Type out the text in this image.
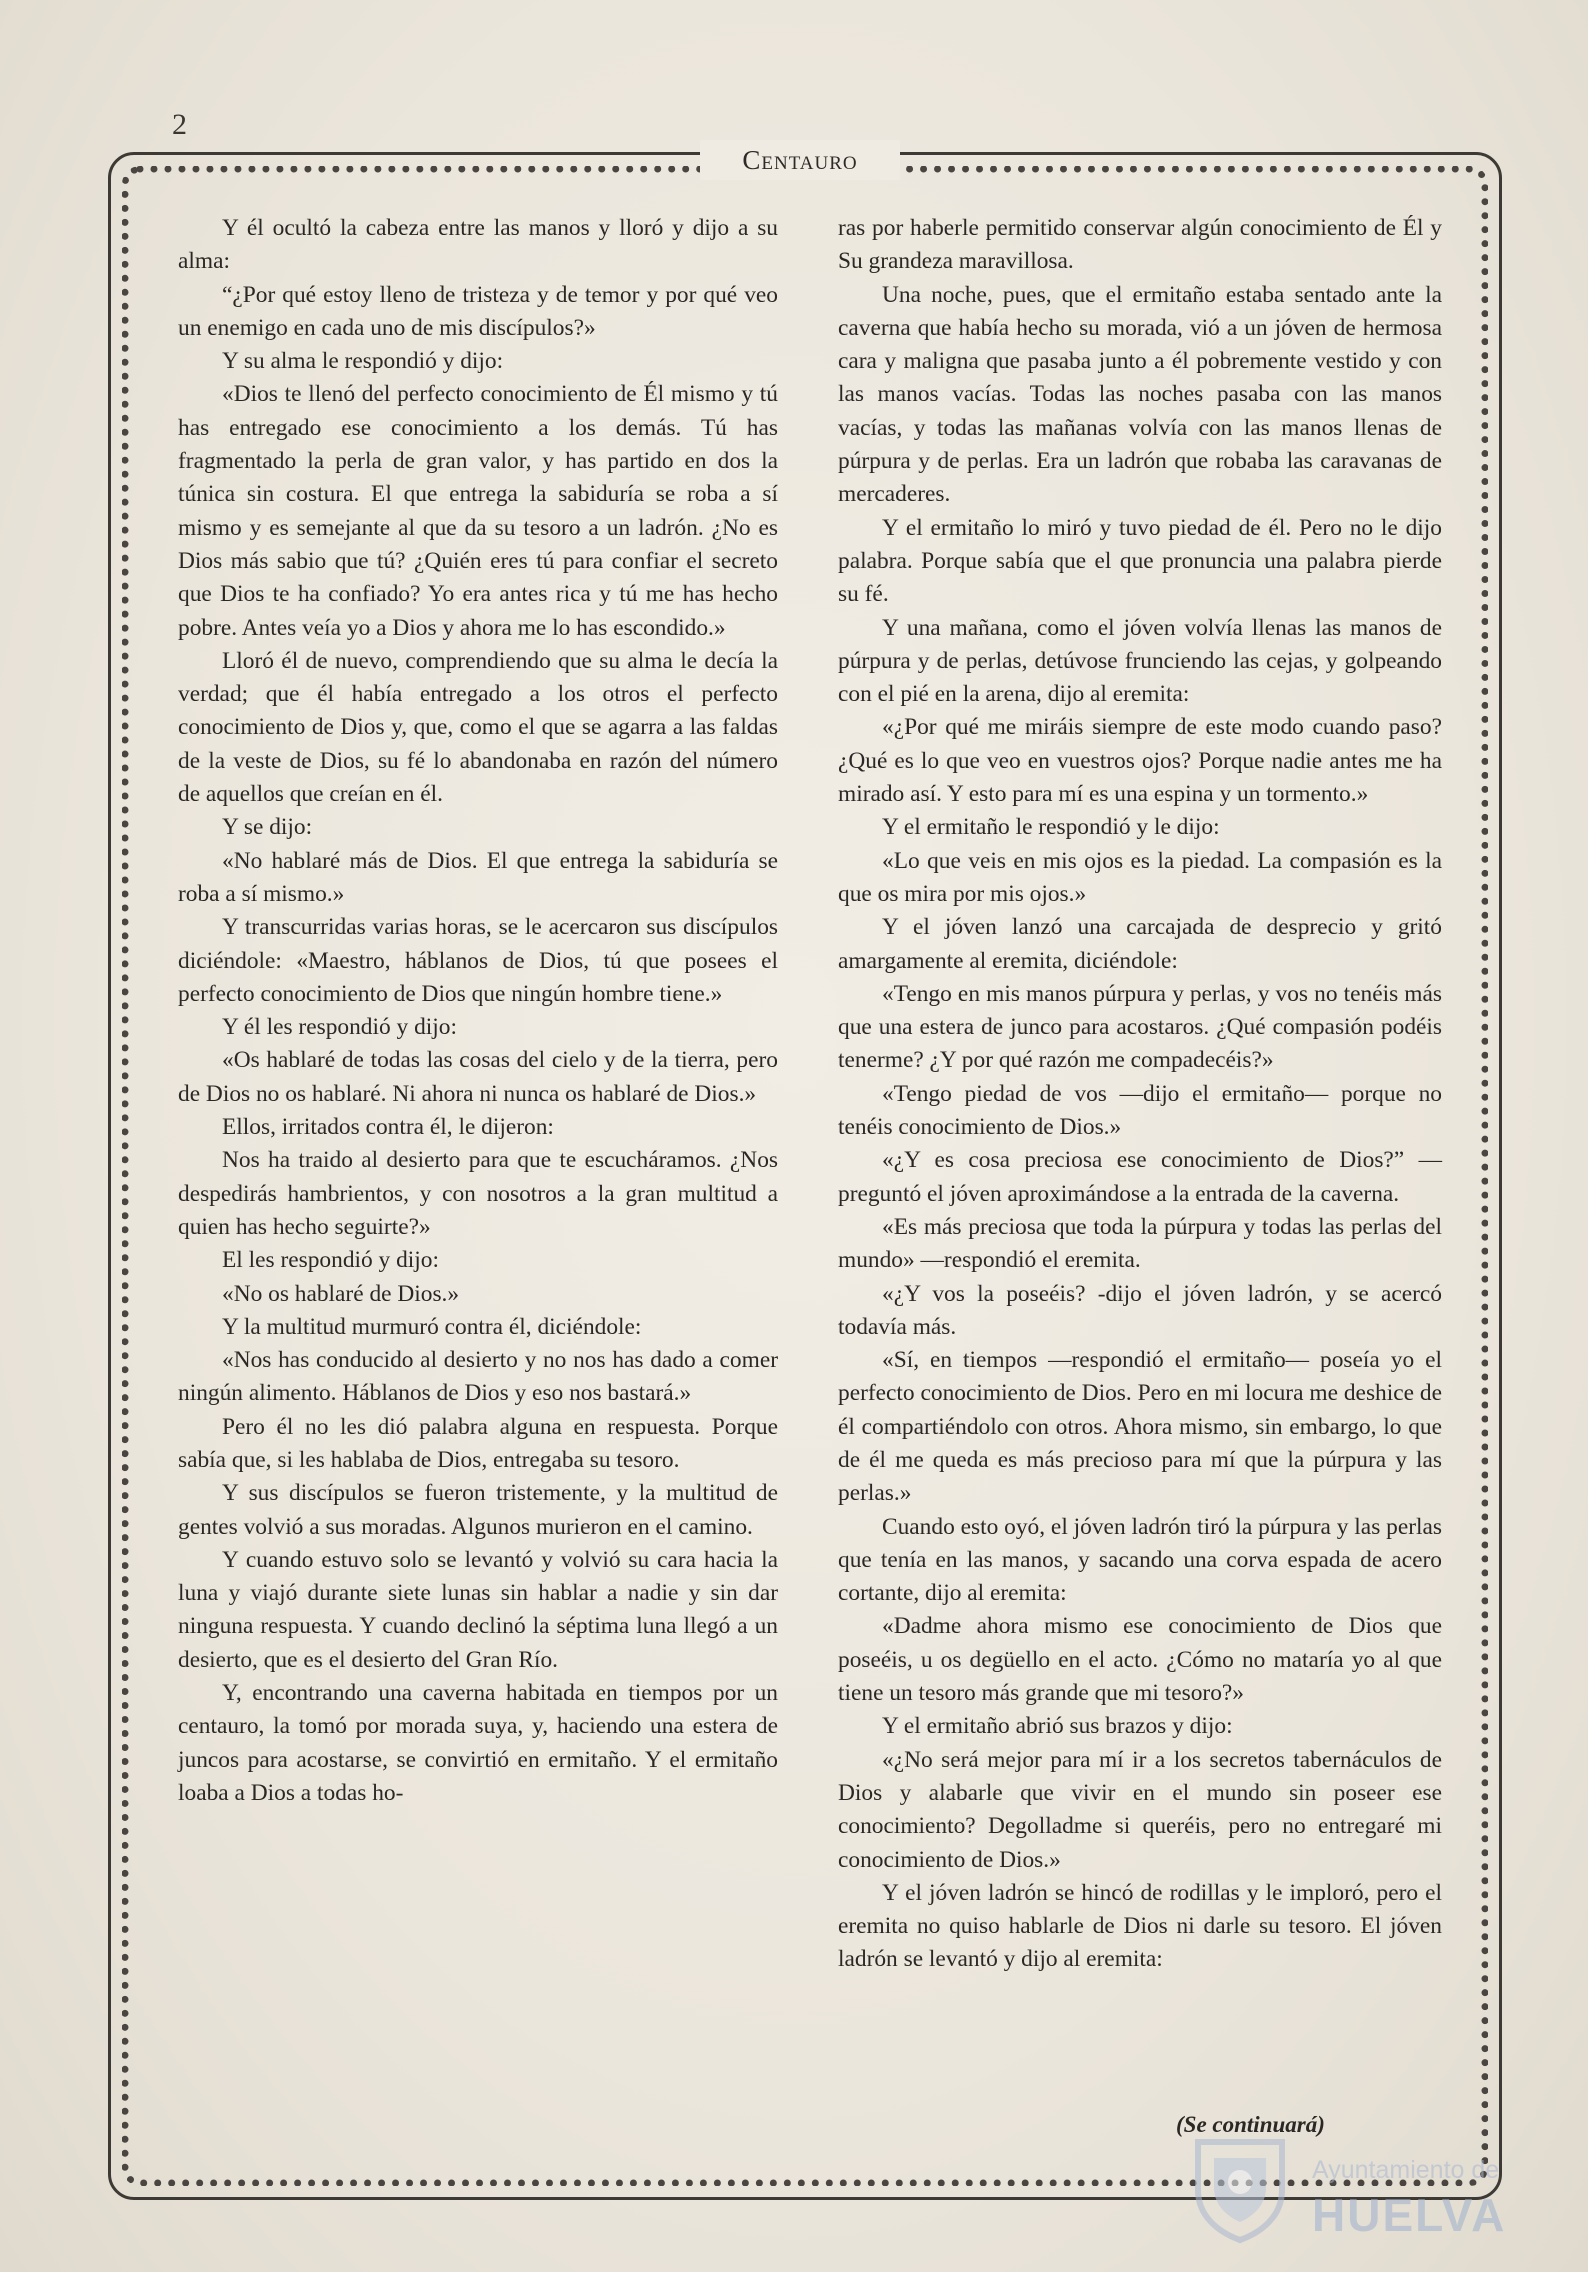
2
Centauro

Y él ocultó la cabeza entre las manos y lloró y dijo a su alma:

“¿Por qué estoy lleno de tristeza y de temor y por qué veo un enemigo en cada uno de mis discípulos?»

Y su alma le respondió y dijo:

«Dios te llenó del perfecto conocimiento de Él mismo y tú has entregado ese conocimiento a los demás. Tú has fragmentado la perla de gran valor, y has partido en dos la túnica sin costura. El que entrega la sabiduría se roba a sí mismo y es semejante al que da su tesoro a un ladrón. ¿No es Dios más sabio que tú? ¿Quién eres tú para confiar el secreto que Dios te ha confiado? Yo era antes rica y tú me has hecho pobre. Antes veía yo a Dios y ahora me lo has escondido.»

Lloró él de nuevo, comprendiendo que su alma le decía la verdad; que él había entregado a los otros el perfecto conocimiento de Dios y, que, como el que se agarra a las faldas de la veste de Dios, su fé lo abandonaba en razón del número de aquellos que creían en él.

Y se dijo:

«No hablaré más de Dios. El que entrega la sabiduría se roba a sí mismo.»

Y transcurridas varias horas, se le acercaron sus discípulos diciéndole: «Maestro, háblanos de Dios, tú que posees el perfecto conocimiento de Dios que ningún hombre tiene.»

Y él les respondió y dijo:

«Os hablaré de todas las cosas del cielo y de la tierra, pero de Dios no os hablaré. Ni ahora ni nunca os hablaré de Dios.»

Ellos, irritados contra él, le dijeron:

Nos ha traido al desierto para que te escucháramos. ¿Nos despedirás hambrientos, y con nosotros a la gran multitud a quien has hecho seguirte?»

El les respondió y dijo:

«No os hablaré de Dios.»

Y la multitud murmuró contra él, diciéndole:

«Nos has conducido al desierto y no nos has dado a comer ningún alimento. Háblanos de Dios y eso nos bastará.»

Pero él no les dió palabra alguna en respuesta. Porque sabía que, si les hablaba de Dios, entregaba su tesoro.

Y sus discípulos se fueron tristemente, y la multitud de gentes volvió a sus moradas. Algunos murieron en el camino.

Y cuando estuvo solo se levantó y volvió su cara hacia la luna y viajó durante siete lunas sin hablar a nadie y sin dar ninguna respuesta. Y cuando declinó la séptima luna llegó a un desierto, que es el desierto del Gran Río.

Y, encontrando una caverna habitada en tiempos por un centauro, la tomó por morada suya, y, haciendo una estera de juncos para acostarse, se convirtió en ermitaño. Y el ermitaño loaba a Dios a todas ho-

ras por haberle permitido conservar algún conocimiento de Él y Su grandeza maravillosa.

Una noche, pues, que el ermitaño estaba sentado ante la caverna que había hecho su morada, vió a un jóven de hermosa cara y maligna que pasaba junto a él pobremente vestido y con las manos vacías. Todas las noches pasaba con las manos vacías, y todas las mañanas volvía con las manos llenas de púrpura y de perlas. Era un ladrón que robaba las caravanas de mercaderes.

Y el ermitaño lo miró y tuvo piedad de él. Pero no le dijo palabra. Porque sabía que el que pronuncia una palabra pierde su fé.

Y una mañana, como el jóven volvía llenas las manos de púrpura y de perlas, detúvose frunciendo las cejas, y golpeando con el pié en la arena, dijo al eremita:

«¿Por qué me miráis siempre de este modo cuando paso? ¿Qué es lo que veo en vuestros ojos? Porque nadie antes me ha mirado así. Y esto para mí es una espina y un tormento.»

Y el ermitaño le respondió y le dijo:

«Lo que veis en mis ojos es la piedad. La compasión es la que os mira por mis ojos.»

Y el jóven lanzó una carcajada de desprecio y gritó amargamente al eremita, diciéndole:

«Tengo en mis manos púrpura y perlas, y vos no tenéis más que una estera de junco para acostaros. ¿Qué compasión podéis tenerme? ¿Y por qué razón me compadecéis?»

«Tengo piedad de vos —dijo el ermitaño— porque no tenéis conocimiento de Dios.»

«¿Y es cosa preciosa ese conocimiento de Dios?” —preguntó el jóven aproximándose a la entrada de la caverna.

«Es más preciosa que toda la púrpura y todas las perlas del mundo» —respondió el eremita.

«¿Y vos la poseéis? -dijo el jóven ladrón, y se acercó todavía más.

«Sí, en tiempos —respondió el ermitaño— poseía yo el perfecto conocimiento de Dios. Pero en mi locura me deshice de él compartiéndolo con otros. Ahora mismo, sin embargo, lo que de él me queda es más precioso para mí que la púrpura y las perlas.»

Cuando esto oyó, el jóven ladrón tiró la púrpura y las perlas que tenía en las manos, y sacando una corva espada de acero cortante, dijo al eremita:

«Dadme ahora mismo ese conocimiento de Dios que poseéis, u os degüello en el acto. ¿Cómo no mataría yo al que tiene un tesoro más grande que mi tesoro?»

Y el ermitaño abrió sus brazos y dijo:

«¿No será mejor para mí ir a los secretos tabernáculos de Dios y alabarle que vivir en el mundo sin poseer ese conocimiento? Degolladme si queréis, pero no entregaré mi conocimiento de Dios.»

Y el jóven ladrón se hincó de rodillas y le imploró, pero el eremita no quiso hablarle de Dios ni darle su tesoro. El jóven ladrón se levantó y dijo al eremita:

(Se continuará)
Ayuntamiento de
HUELVA
